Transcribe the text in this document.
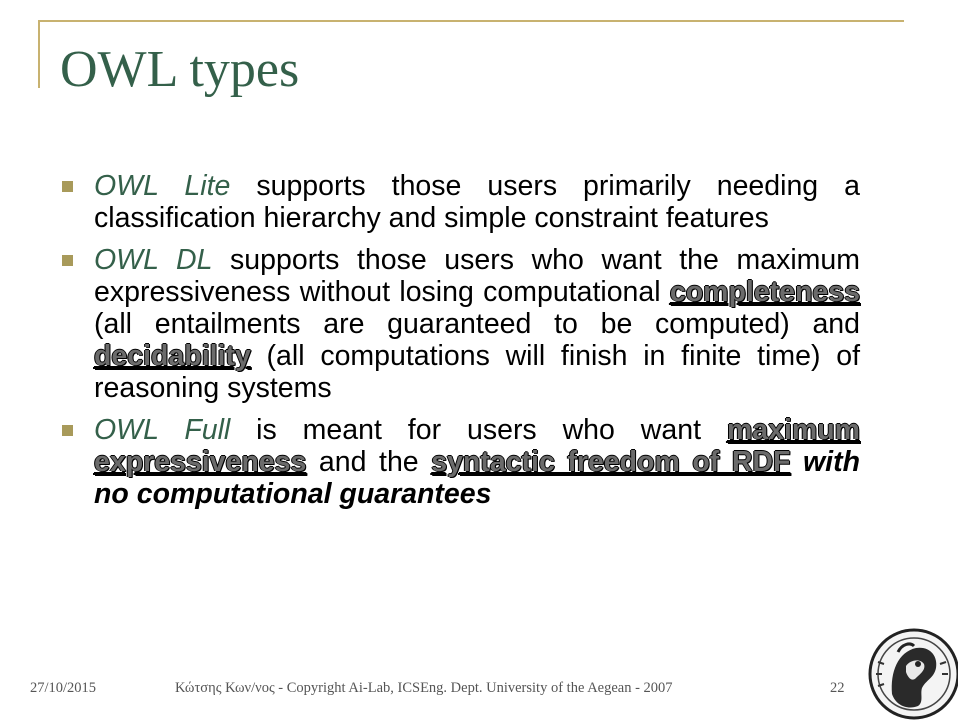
OWL types
OWL Lite supports those users primarily needing a classification hierarchy and simple constraint features
OWL DL supports those users who want the maximum expressiveness without losing computational completeness (all entailments are guaranteed to be computed) and decidability (all computations will finish in finite time) of reasoning systems
OWL Full is meant for users who want maximum expressiveness and the syntactic freedom of RDF with no computational guarantees
27/10/2015	Κώτσης Κων/νος - Copyright Ai-Lab, ICSEng. Dept. University of the Aegean - 2007	22
